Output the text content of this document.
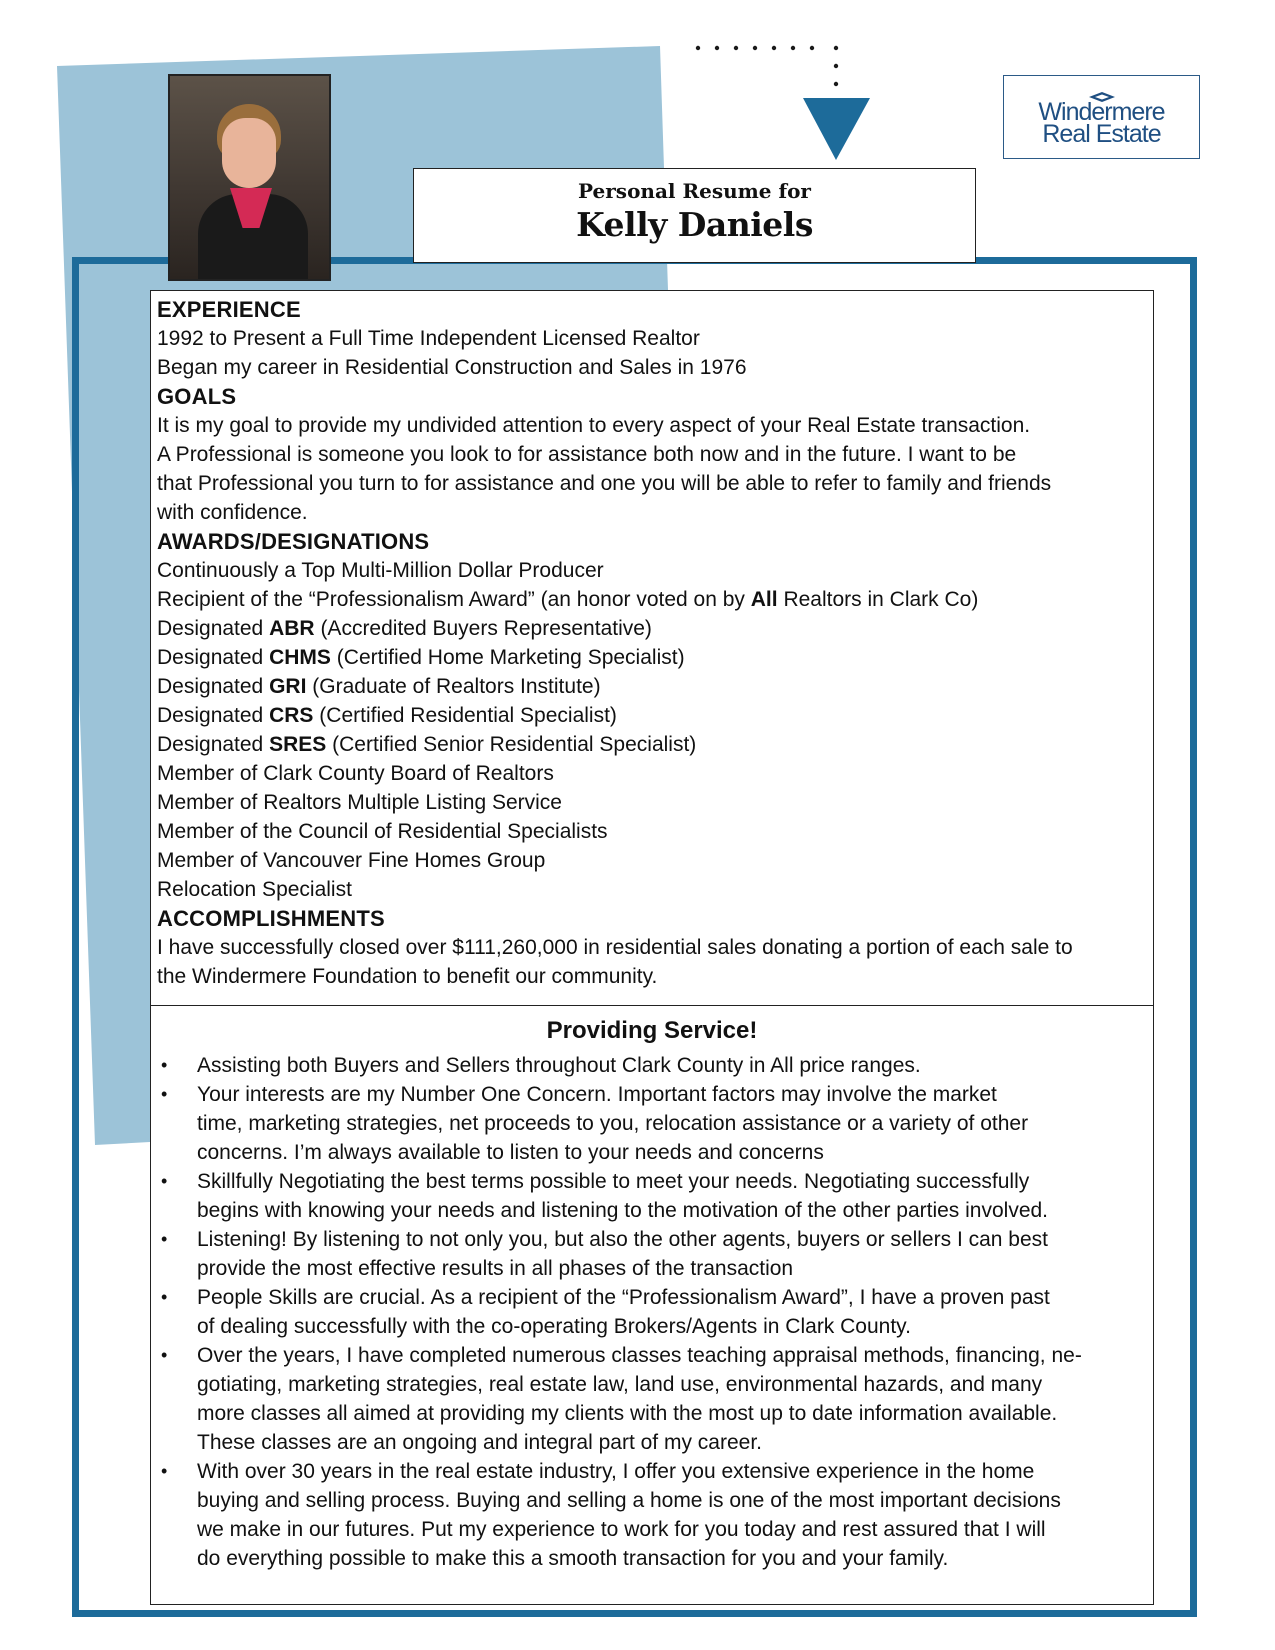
Personal Resume for
Kelly Daniels
Windermere
Real Estate
EXPERIENCE
1992 to Present a Full Time Independent Licensed Realtor
Began my career in Residential Construction and Sales in 1976
GOALS
It is my goal to provide my undivided attention to every aspect of your Real Estate transaction.
A Professional is someone you look to for assistance both now and in the future. I want to be
that Professional you turn to for assistance and one you will be able to refer to family and friends
with confidence.
AWARDS/DESIGNATIONS
Continuously a Top Multi-Million Dollar Producer
Recipient of the “Professionalism Award” (an honor voted on by All Realtors in Clark Co)
Designated ABR (Accredited Buyers Representative)
Designated CHMS (Certified Home Marketing Specialist)
Designated GRI (Graduate of Realtors Institute)
Designated CRS (Certified Residential Specialist)
Designated SRES (Certified Senior Residential Specialist)
Member of Clark County Board of Realtors
Member of Realtors Multiple Listing Service
Member of the Council of Residential Specialists
Member of Vancouver Fine Homes Group
Relocation Specialist
ACCOMPLISHMENTS
I have successfully closed over $111,260,000 in residential sales donating a portion of each sale to
the Windermere Foundation to benefit our community.
Providing Service!
• Assisting both Buyers and Sellers throughout Clark County in All price ranges.
• Your interests are my Number One Concern. Important factors may involve the market
time, marketing strategies, net proceeds to you, relocation assistance or a variety of other
concerns. I’m always available to listen to your needs and concerns
• Skillfully Negotiating the best terms possible to meet your needs. Negotiating successfully
begins with knowing your needs and listening to the motivation of the other parties involved.
• Listening! By listening to not only you, but also the other agents, buyers or sellers I can best
provide the most effective results in all phases of the transaction
• People Skills are crucial. As a recipient of the “Professionalism Award”, I have a proven past
of dealing successfully with the co-operating Brokers/Agents in Clark County.
• Over the years, I have completed numerous classes teaching appraisal methods, financing, ne-
gotiating, marketing strategies, real estate law, land use, environmental hazards, and many
more classes all aimed at providing my clients with the most up to date information available.
These classes are an ongoing and integral part of my career.
• With over 30 years in the real estate industry, I offer you extensive experience in the home
buying and selling process. Buying and selling a home is one of the most important decisions
we make in our futures. Put my experience to work for you today and rest assured that I will
do everything possible to make this a smooth transaction for you and your family.
